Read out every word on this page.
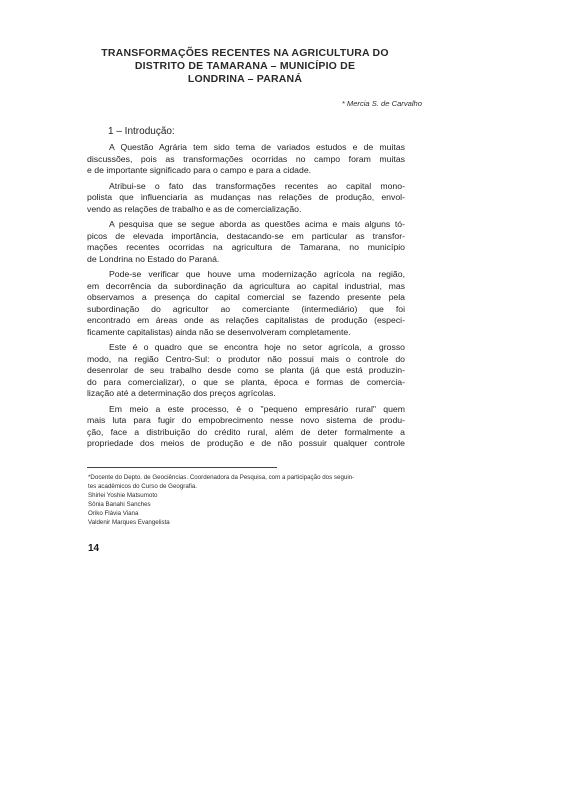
TRANSFORMAÇÕES RECENTES NA AGRICULTURA DO
DISTRITO DE TAMARANA – MUNICÍPIO DE
LONDRINA – PARANÁ
* Mercia S. de Carvalho
1 – Introdução:
A Questão Agrária tem sido tema de variados estudos e de muitas
discussões, pois as transformações ocorridas no campo foram muitas
e de importante significado para o campo e para a cidade.
Atribui-se o fato das transformações recentes ao capital mono-
polista que influenciaria as mudanças nas relações de produção, envol-
vendo as relações de trabalho e as de comercialização.
A pesquisa que se segue aborda as questões acima e mais alguns tó-
picos de elevada importância, destacando-se em particular as transfor-
mações recentes ocorridas na agricultura de Tamarana, no município
de Londrina no Estado do Paraná.
Pode-se verificar que houve uma modernização agrícola na região,
em decorrência da subordinação da agricultura ao capital industrial, mas
observamos a presença do capital comercial se fazendo presente pela
subordinação do agricultor ao comerciante (intermediário) que foi
encontrado em áreas onde as relações capitalistas de produção (especi-
ficamente capitalistas) ainda não se desenvolveram completamente.
Este é o quadro que se encontra hoje no setor agrícola, a grosso
modo, na região Centro-Sul: o produtor não possui mais o controle do
desenrolar de seu trabalho desde como se planta (já que está produzin-
do para comercializar), o que se planta, época e formas de comercia-
lização até a determinação dos preços agrícolas.
Em meio a este processo, é o "pequeno empresário rural" quem
mais luta para fugir do empobrecimento nesse novo sistema de produ-
ção, face a distribuição do crédito rural, além de deter formalmente a
propriedade dos meios de produção e de não possuir qualquer controle
*Docente do Depto. de Geociências. Coordenadora da Pesquisa, com a participação dos seguin-
tes acadêmicos do Curso de Geografia.
Shirlei Yoshie Matsumoto
Sônia Banahi Sanches
Oriko Flávia Viana
Valdenir Marques Evangelista
14
